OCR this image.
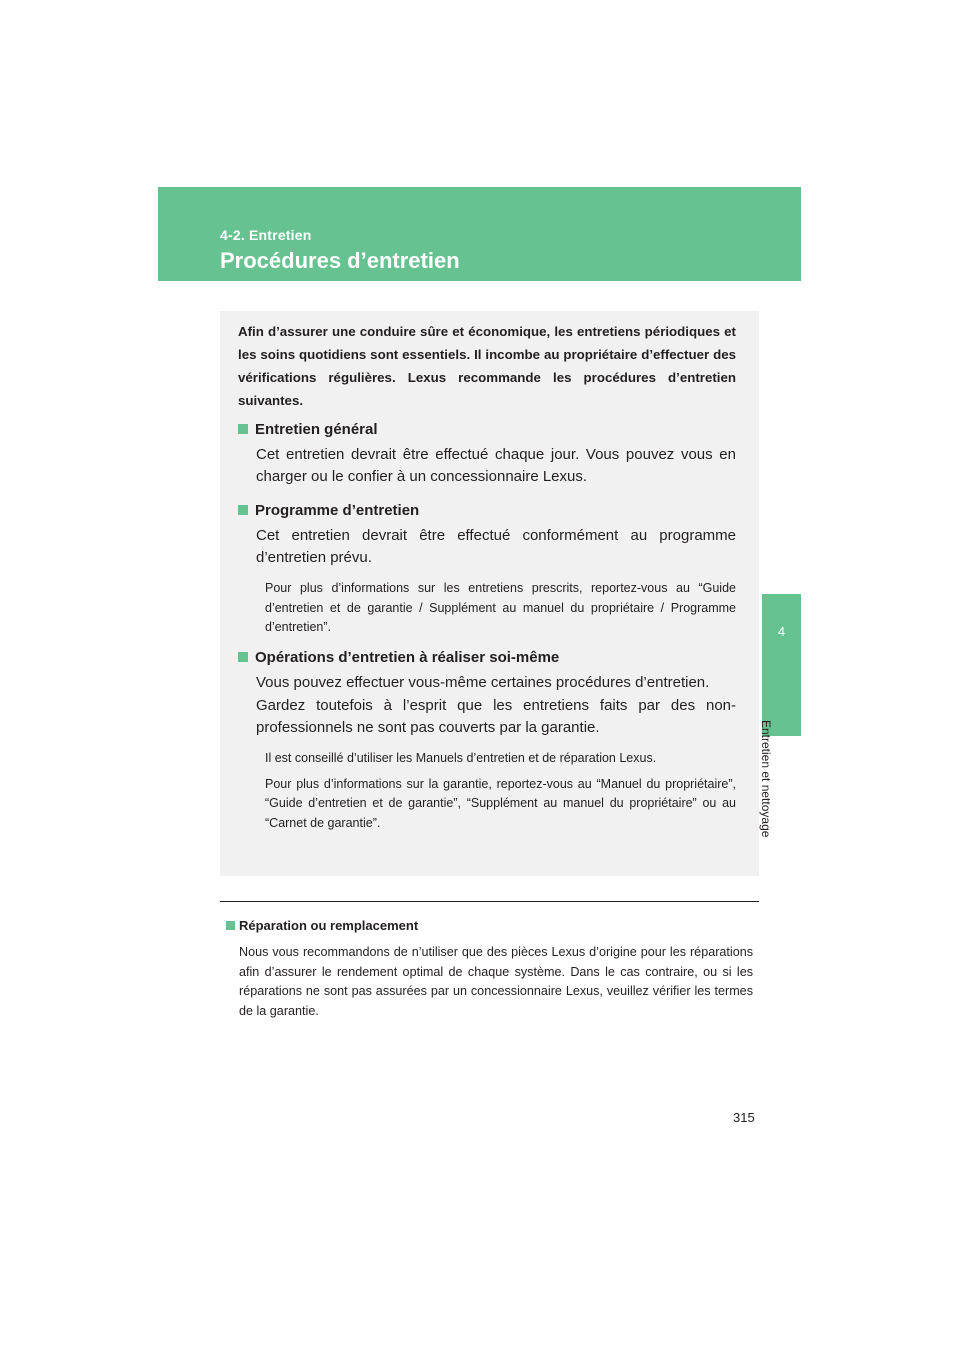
4-2. Entretien
Procédures d’entretien
4
Entretien et nettoyage
Afin d’assurer une conduire sûre et économique, les entretiens périodiques et les soins quotidiens sont essentiels. Il incombe au propriétaire d’effectuer des vérifications régulières. Lexus recommande les procédures d’entretien suivantes.
Entretien général
Cet entretien devrait être effectué chaque jour. Vous pouvez vous en charger ou le confier à un concessionnaire Lexus.
Programme d’entretien
Cet entretien devrait être effectué conformément au programme d’entretien prévu.
Pour plus d’informations sur les entretiens prescrits, reportez-vous au “Guide d’entretien et de garantie / Supplément au manuel du propriétaire / Programme d’entretien”.
Opérations d’entretien à réaliser soi-même
Vous pouvez effectuer vous-même certaines procédures d’entretien.
Gardez toutefois à l’esprit que les entretiens faits par des non-professionnels ne sont pas couverts par la garantie.
Il est conseillé d’utiliser les Manuels d’entretien et de réparation Lexus.
Pour plus d’informations sur la garantie, reportez-vous au “Manuel du propriétaire”, “Guide d’entretien et de garantie”, “Supplément au manuel du propriétaire” ou au “Carnet de garantie”.
Réparation ou remplacement
Nous vous recommandons de n’utiliser que des pièces Lexus d’origine pour les réparations afin d’assurer le rendement optimal de chaque système. Dans le cas contraire, ou si les réparations ne sont pas assurées par un concessionnaire Lexus, veuillez vérifier les termes de la garantie.
315
